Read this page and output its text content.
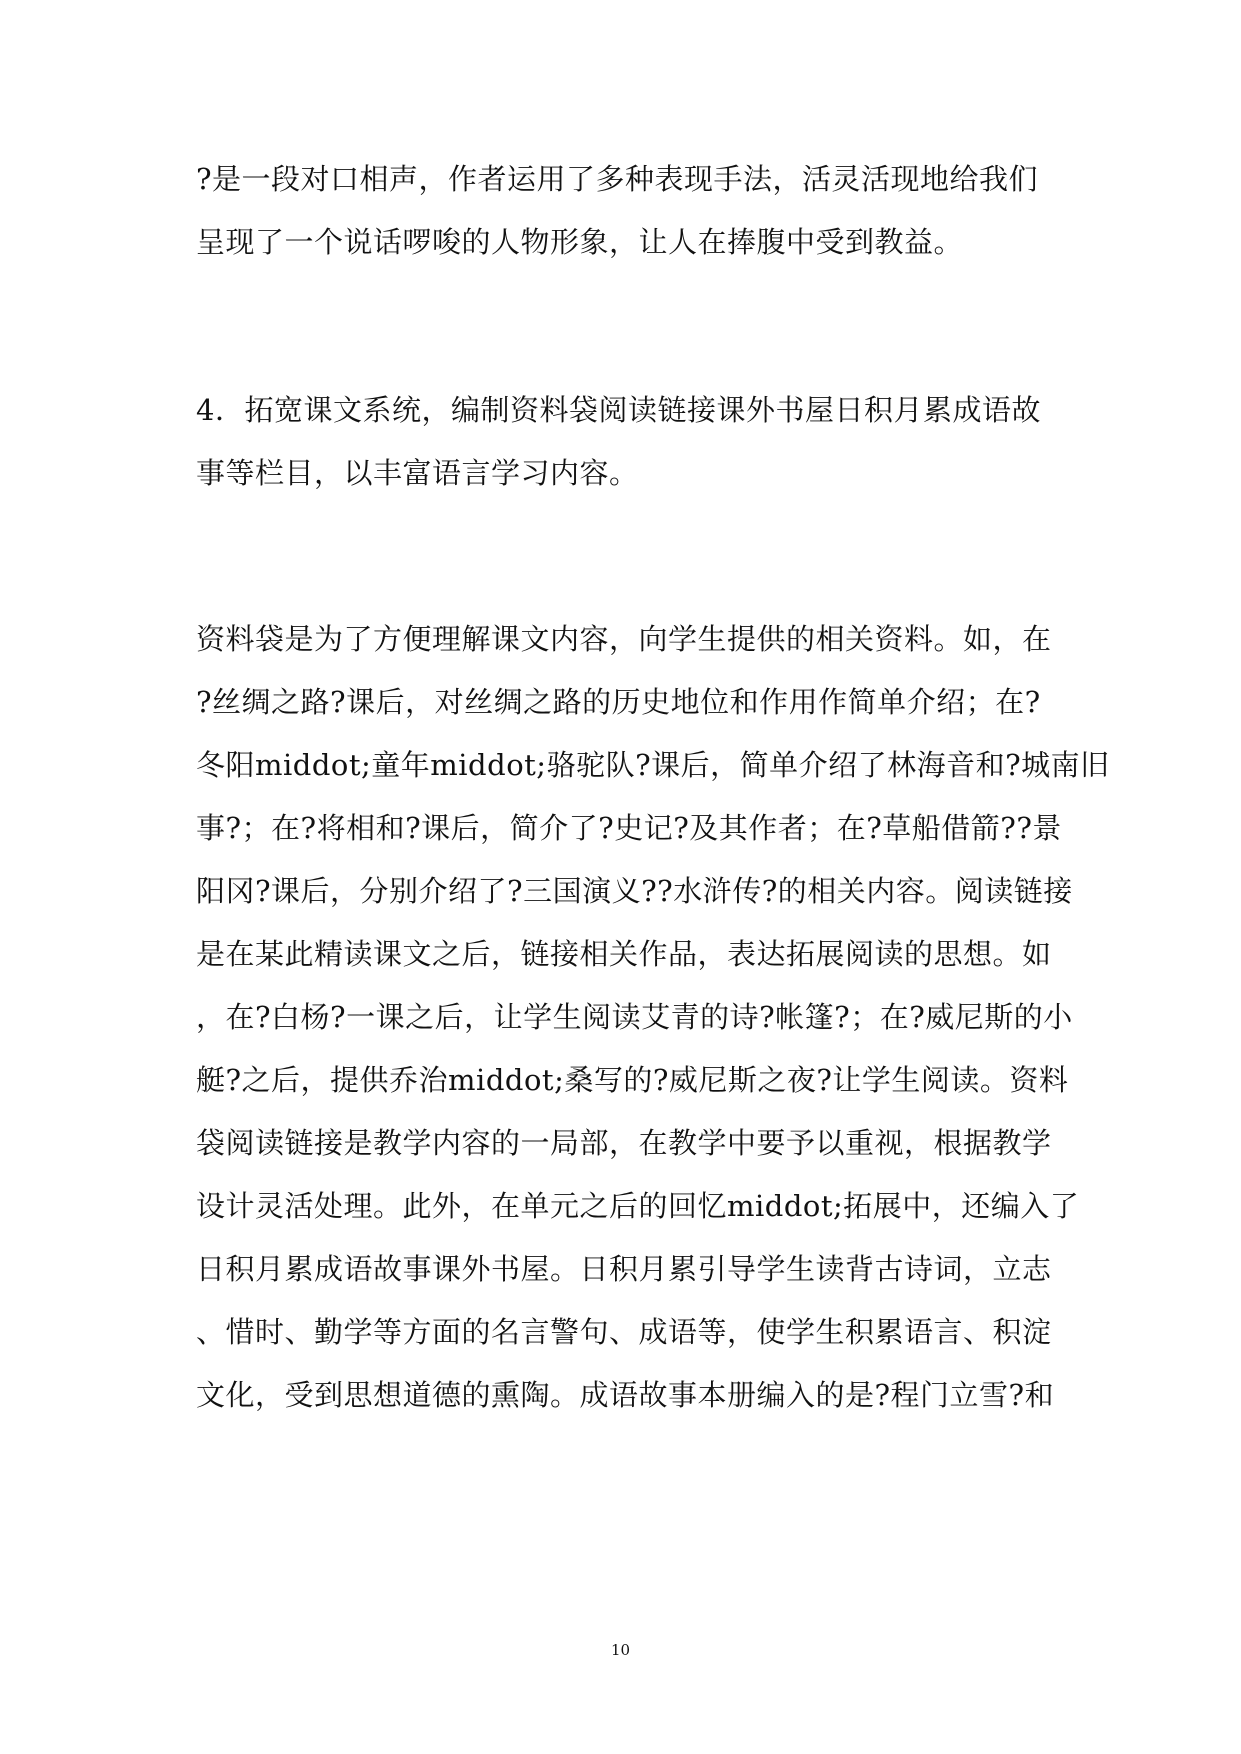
?是一段对口相声，作者运用了多种表现手法，活灵活现地给我们
呈现了一个说话啰唆的人物形象，让人在捧腹中受到教益。
4．拓宽课文系统，编制资料袋阅读链接课外书屋日积月累成语故
事等栏目，以丰富语言学习内容。
资料袋是为了方便理解课文内容，向学生提供的相关资料。如，在
?丝绸之路?课后，对丝绸之路的历史地位和作用作简单介绍；在?
冬阳middot;童年middot;骆驼队?课后，简单介绍了林海音和?城南旧
事?；在?将相和?课后，简介了?史记?及其作者；在?草船借箭??景
阳冈?课后，分别介绍了?三国演义??水浒传?的相关内容。阅读链接
是在某此精读课文之后，链接相关作品，表达拓展阅读的思想。如
，在?白杨?一课之后，让学生阅读艾青的诗?帐篷?；在?威尼斯的小
艇?之后，提供乔治middot;桑写的?威尼斯之夜?让学生阅读。资料
袋阅读链接是教学内容的一局部，在教学中要予以重视，根据教学
设计灵活处理。此外，在单元之后的回忆middot;拓展中，还编入了
日积月累成语故事课外书屋。日积月累引导学生读背古诗词，立志
、惜时、勤学等方面的名言警句、成语等，使学生积累语言、积淀
文化，受到思想道德的熏陶。成语故事本册编入的是?程门立雪?和
10
